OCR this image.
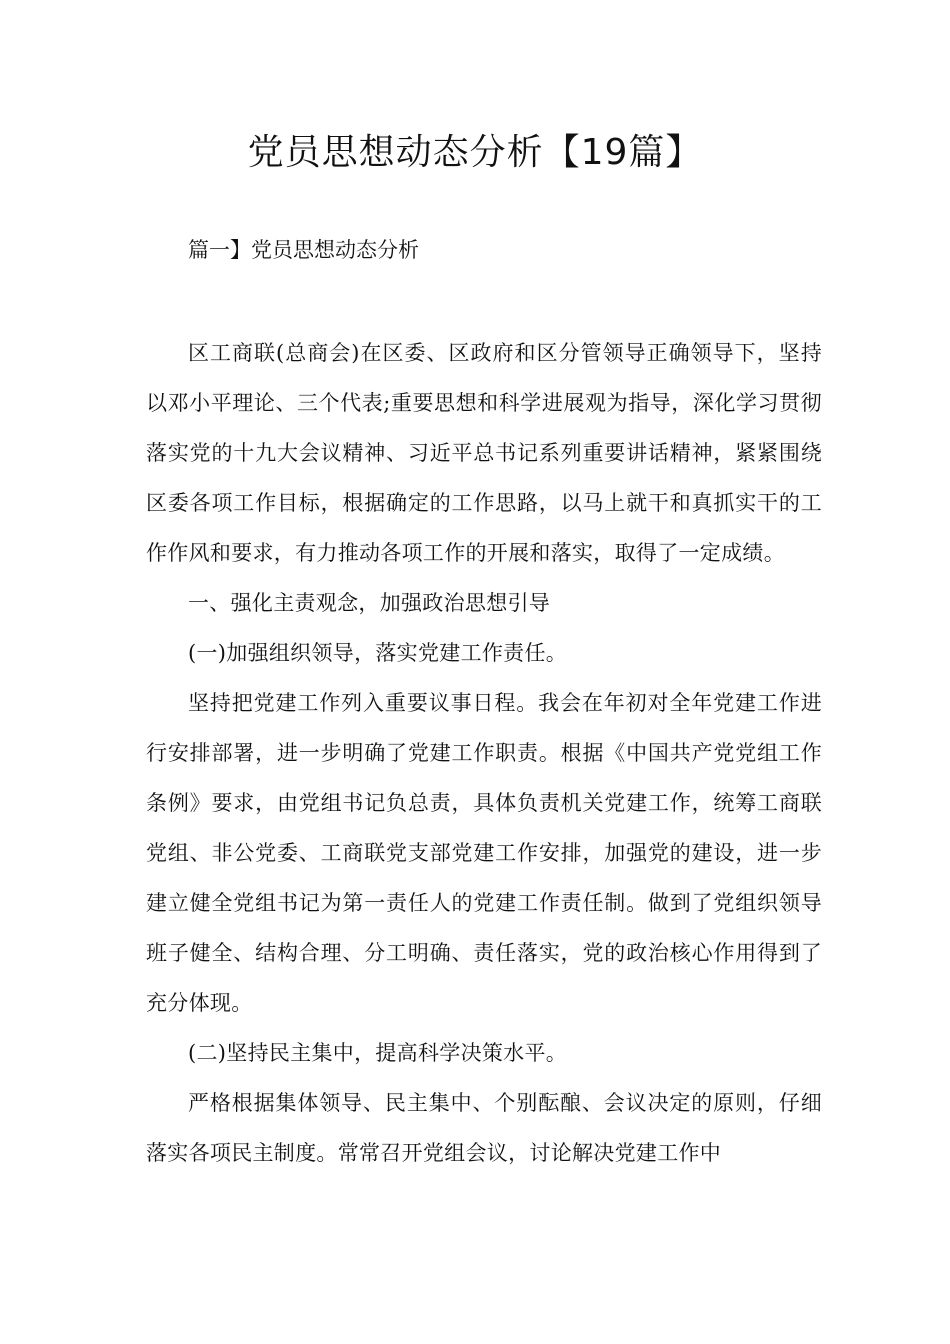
党员思想动态分析【19篇】
篇一】党员思想动态分析

区工商联(总商会)在区委、区政府和区分管领导正确领导下，坚持以邓小平理论、三个代表;重要思想和科学进展观为指导，深化学习贯彻落实党的十九大会议精神、习近平总书记系列重要讲话精神，紧紧围绕区委各项工作目标，根据确定的工作思路，以马上就干和真抓实干的工作作风和要求，有力推动各项工作的开展和落实，取得了一定成绩。

一、强化主责观念，加强政治思想引导

(一)加强组织领导，落实党建工作责任。

坚持把党建工作列入重要议事日程。我会在年初对全年党建工作进行安排部署，进一步明确了党建工作职责。根据《中国共产党党组工作条例》要求，由党组书记负总责，具体负责机关党建工作，统筹工商联党组、非公党委、工商联党支部党建工作安排，加强党的建设，进一步建立健全党组书记为第一责任人的党建工作责任制。做到了党组织领导班子健全、结构合理、分工明确、责任落实，党的政治核心作用得到了充分体现。

(二)坚持民主集中，提高科学决策水平。

严格根据集体领导、民主集中、个别酝酿、会议决定的原则，仔细落实各项民主制度。常常召开党组会议，讨论解决党建工作中
